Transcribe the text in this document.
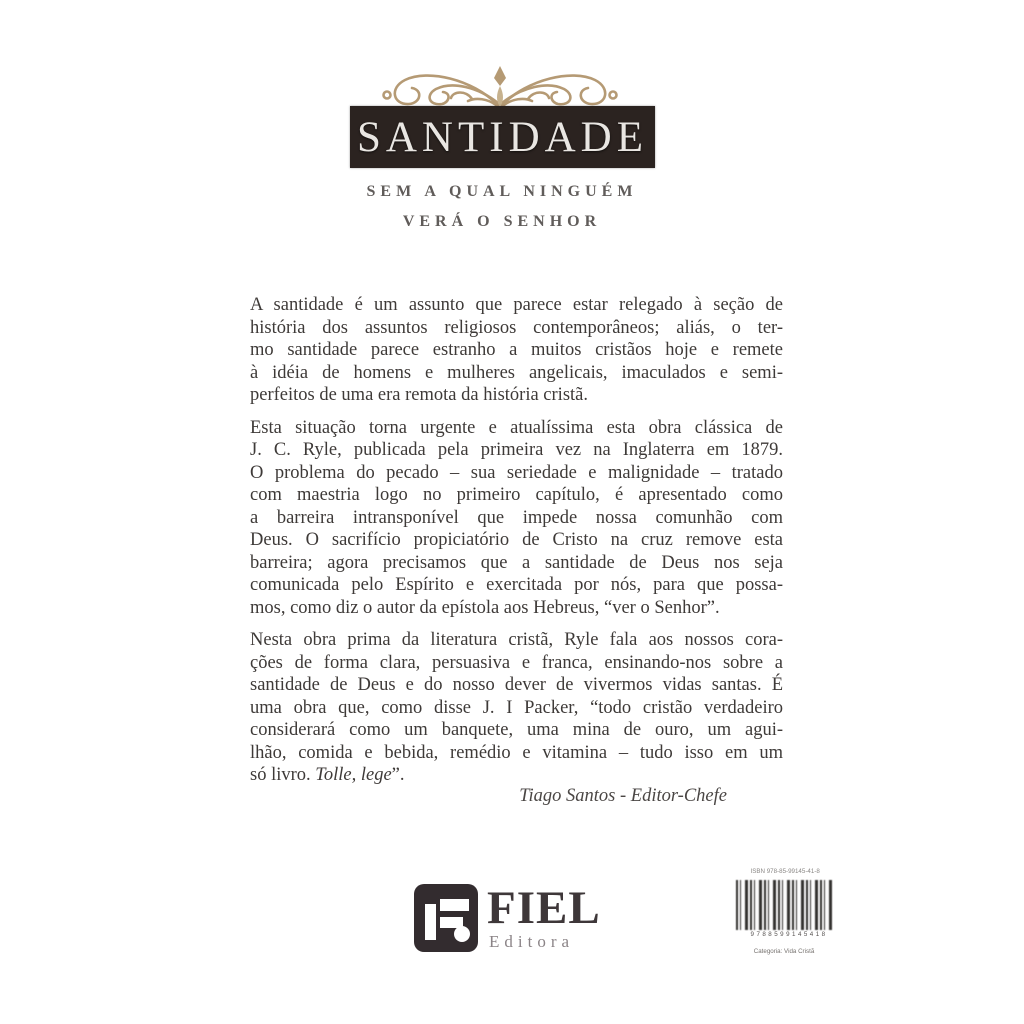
SANTIDADE
SEM A QUAL NINGUÉM
VERÁ O SENHOR
A santidade é um assunto que parece estar relegado à seção de
história dos assuntos religiosos contemporâneos; aliás, o ter-
mo santidade parece estranho a muitos cristãos hoje e remete
à idéia de homens e mulheres angelicais, imaculados e semi-
perfeitos de uma era remota da história cristã.
Esta situação torna urgente e atualíssima esta obra clássica de
J. C. Ryle, publicada pela primeira vez na Inglaterra em 1879.
O problema do pecado – sua seriedade e malignidade – tratado
com maestria logo no primeiro capítulo, é apresentado como
a barreira intransponível que impede nossa comunhão com
Deus. O sacrifício propiciatório de Cristo na cruz remove esta
barreira; agora precisamos que a santidade de Deus nos seja
comunicada pelo Espírito e exercitada por nós, para que possa-
mos, como diz o autor da epístola aos Hebreus, “ver o Senhor”.
Nesta obra prima da literatura cristã, Ryle fala aos nossos cora-
ções de forma clara, persuasiva e franca, ensinando-nos sobre a
santidade de Deus e do nosso dever de vivermos vidas santas. É
uma obra que, como disse J. I Packer, “todo cristão verdadeiro
considerará como um banquete, uma mina de ouro, um agui-
lhão, comida e bebida, remédio e vitamina – tudo isso em um
só livro. Tolle, lege”.
Tiago Santos - Editor-Chefe
FIEL
Editora
ISBN 978-85-99145-41-8
9788599145418
Categoria: Vida Cristã
